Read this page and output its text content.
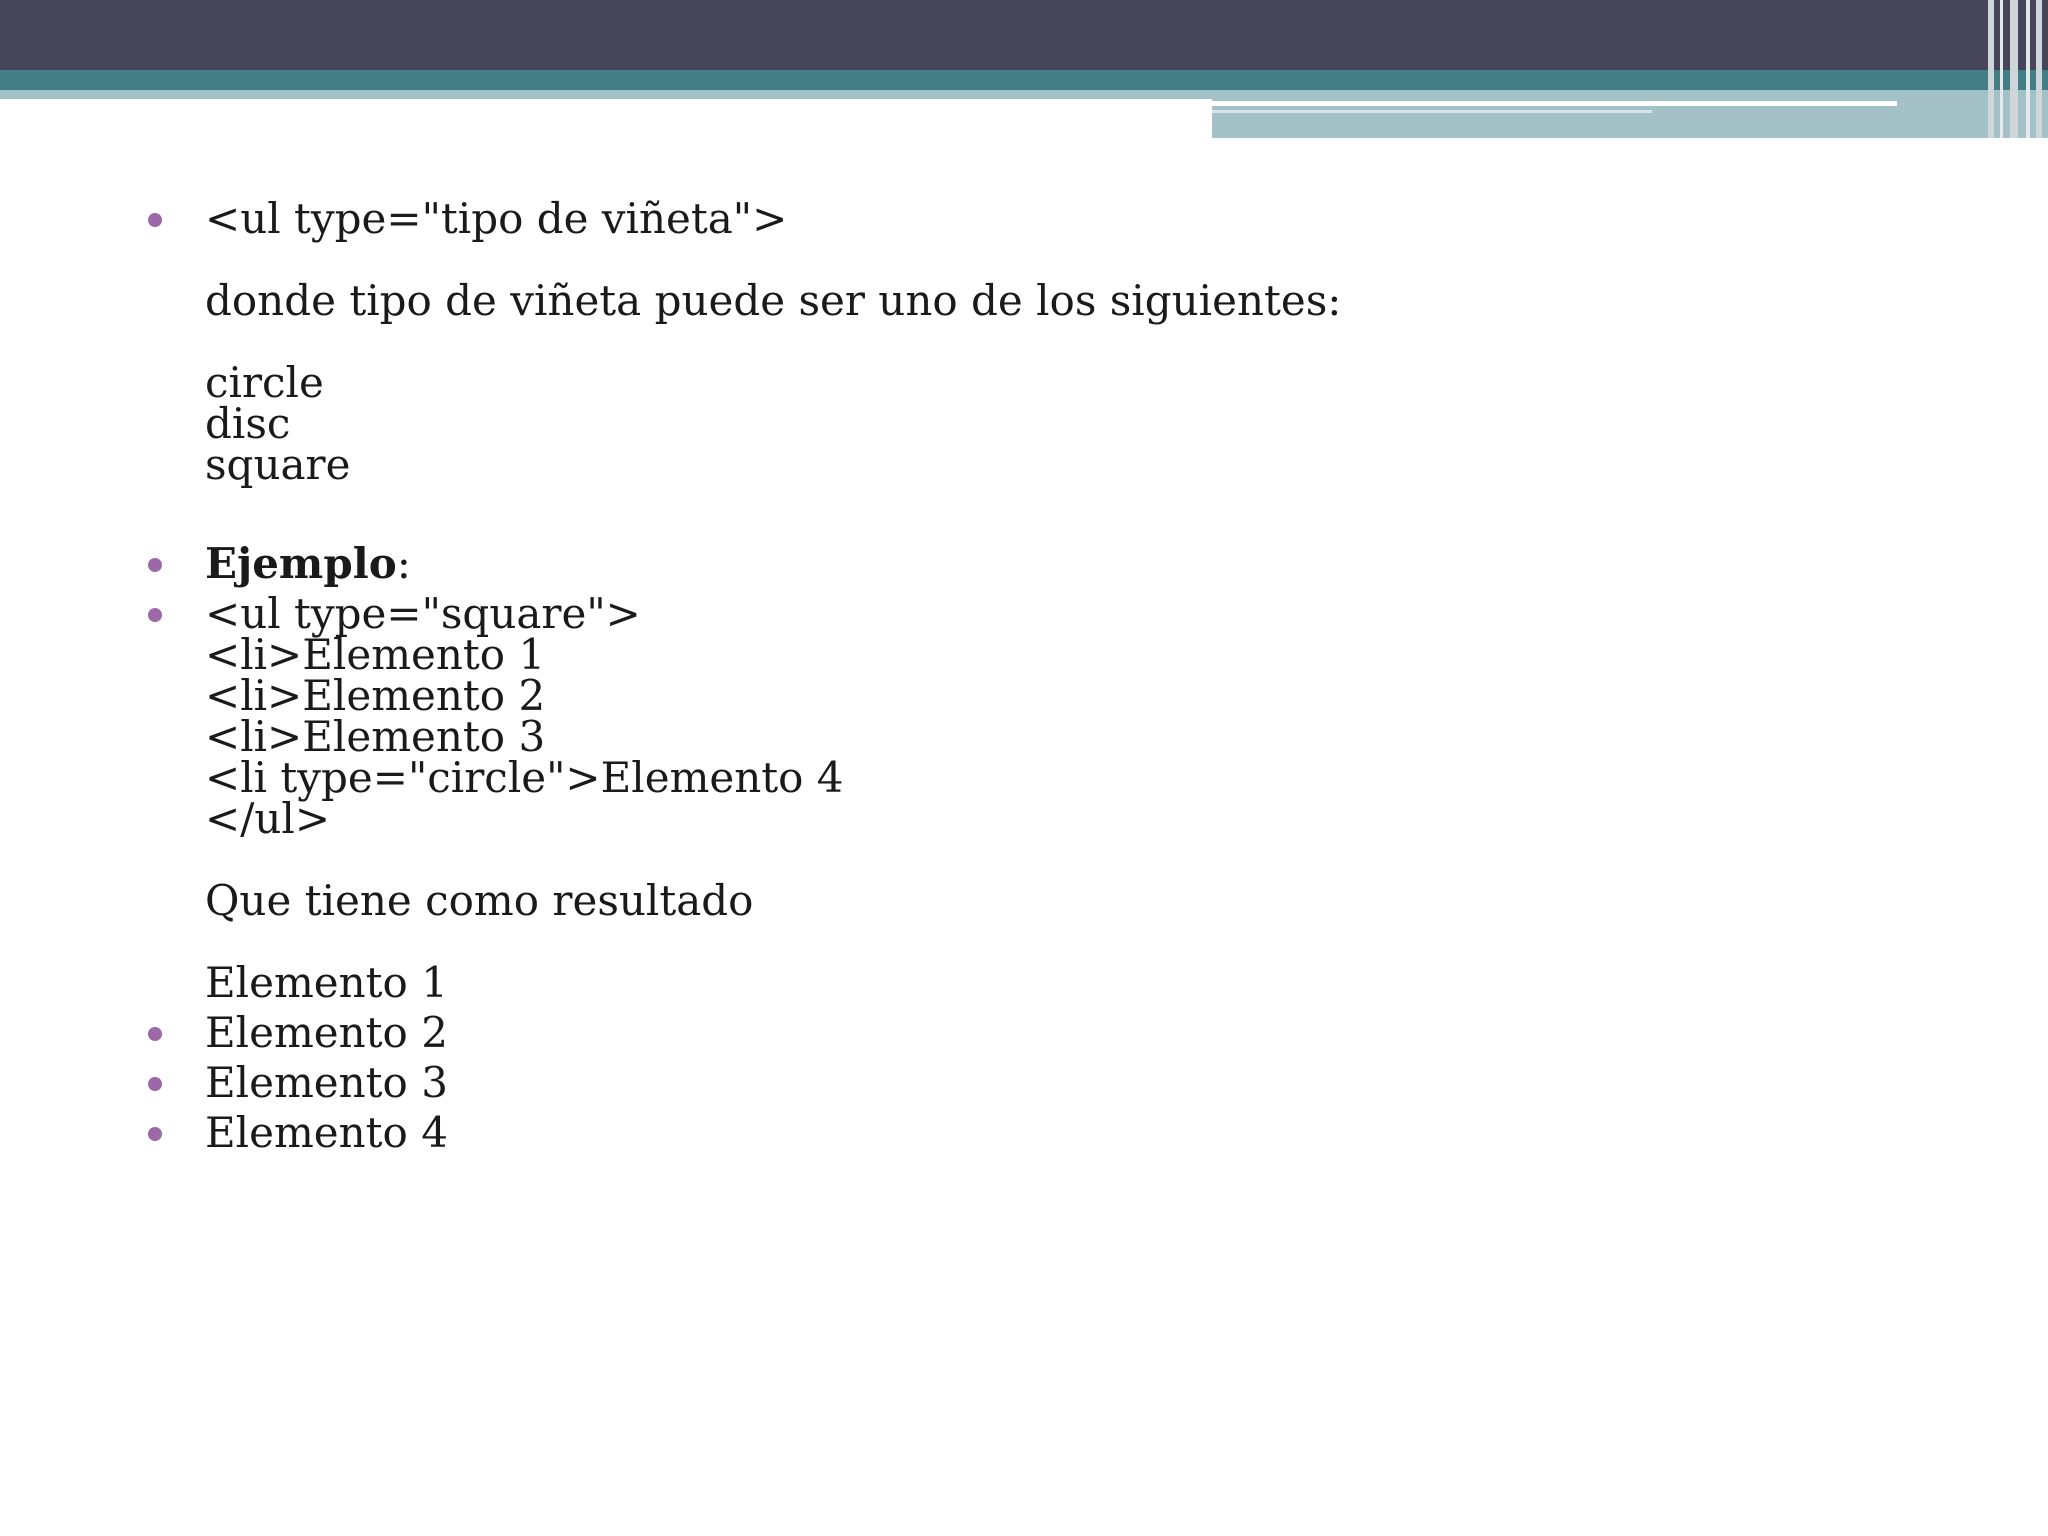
<ul type="tipo de viñeta">
donde tipo de viñeta puede ser uno de los siguientes:
circle
disc
square
Ejemplo:
<ul type="square">
<li>Elemento 1
<li>Elemento 2
<li>Elemento 3
<li type="circle">Elemento 4
</ul>
Que tiene como resultado
Elemento 1
Elemento 2
Elemento 3
Elemento 4
